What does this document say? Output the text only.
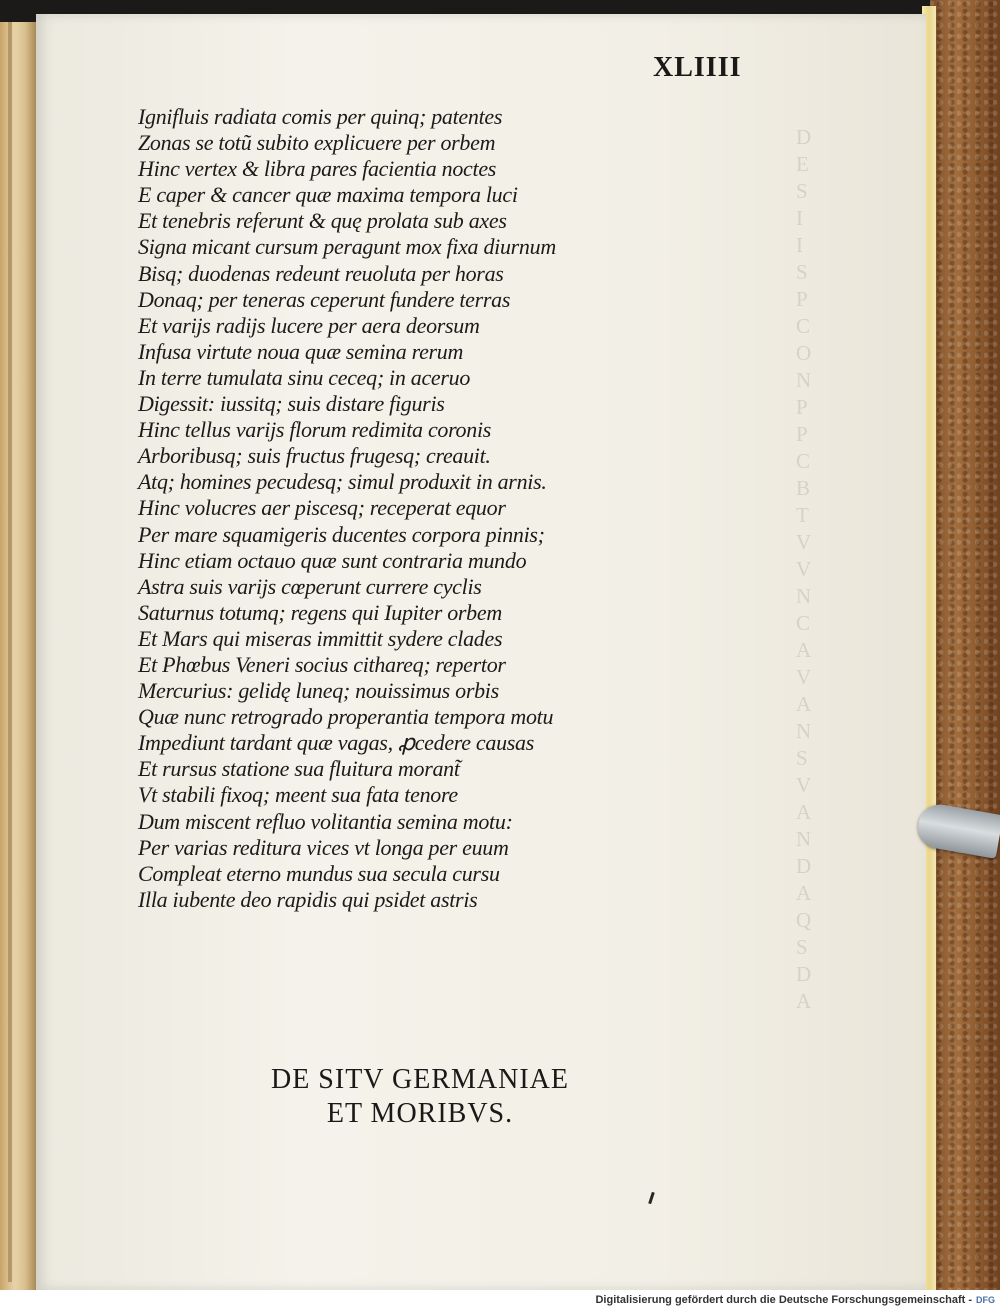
D
E
S
I
I
S
P
C
O
N
P
P
C
B
T
V
V
N
C
A
V
A
N
S
V
A
N
D
A
Q
S
D
A
XLIIII
Ignifluis radiata comis per quinq; patentes
Zonas se totũ subito explicuere per orbem
Hinc vertex & libra pares facientia noctes
E caper & cancer quæ maxima tempora luci
Et tenebris referunt & quę prolata sub axes
Signa micant cursum peragunt mox fixa diurnum
Bisq; duodenas redeunt reuoluta per horas
Donaq; per teneras ceperunt fundere terras
Et varijs radijs lucere per aera deorsum
Infusa virtute noua quæ semina rerum
In terre tumulata sinu ceceq; in aceruo
Digessit: iussitq; suis distare figuris
Hinc tellus varijs florum redimita coronis
Arboribusq; suis fructus frugesq; creauit.
Atq; homines pecudesq; simul produxit in arnis.
Hinc volucres aer piscesq; receperat equor
Per mare squamigeris ducentes corpora pinnis;
Hinc etiam octauo quæ sunt contraria mundo
Astra suis varijs cœperunt currere cyclis
Saturnus totumq; regens qui Iupiter orbem
Et Mars qui miseras immittit sydere clades
Et Phœbus Veneri socius cithareq; repertor
Mercurius: gelidę luneq; nouissimus orbis
Quæ nunc retrogrado properantia tempora motu
Impediunt tardant quæ vagas, ꝓcedere causas
Et rursus statione sua fluitura morant̃
Vt stabili fixoq; meent sua fata tenore
Dum miscent refluo volitantia semina motu:
Per varias reditura vices vt longa per euum
Compleat eterno mundus sua secula cursu
Illa iubente deo rapidis qui psidet astris
DE SITV GERMANIAE
ET MORIBVS.
Digitalisierung gefördert durch die Deutsche Forschungsgemeinschaft - DFG
